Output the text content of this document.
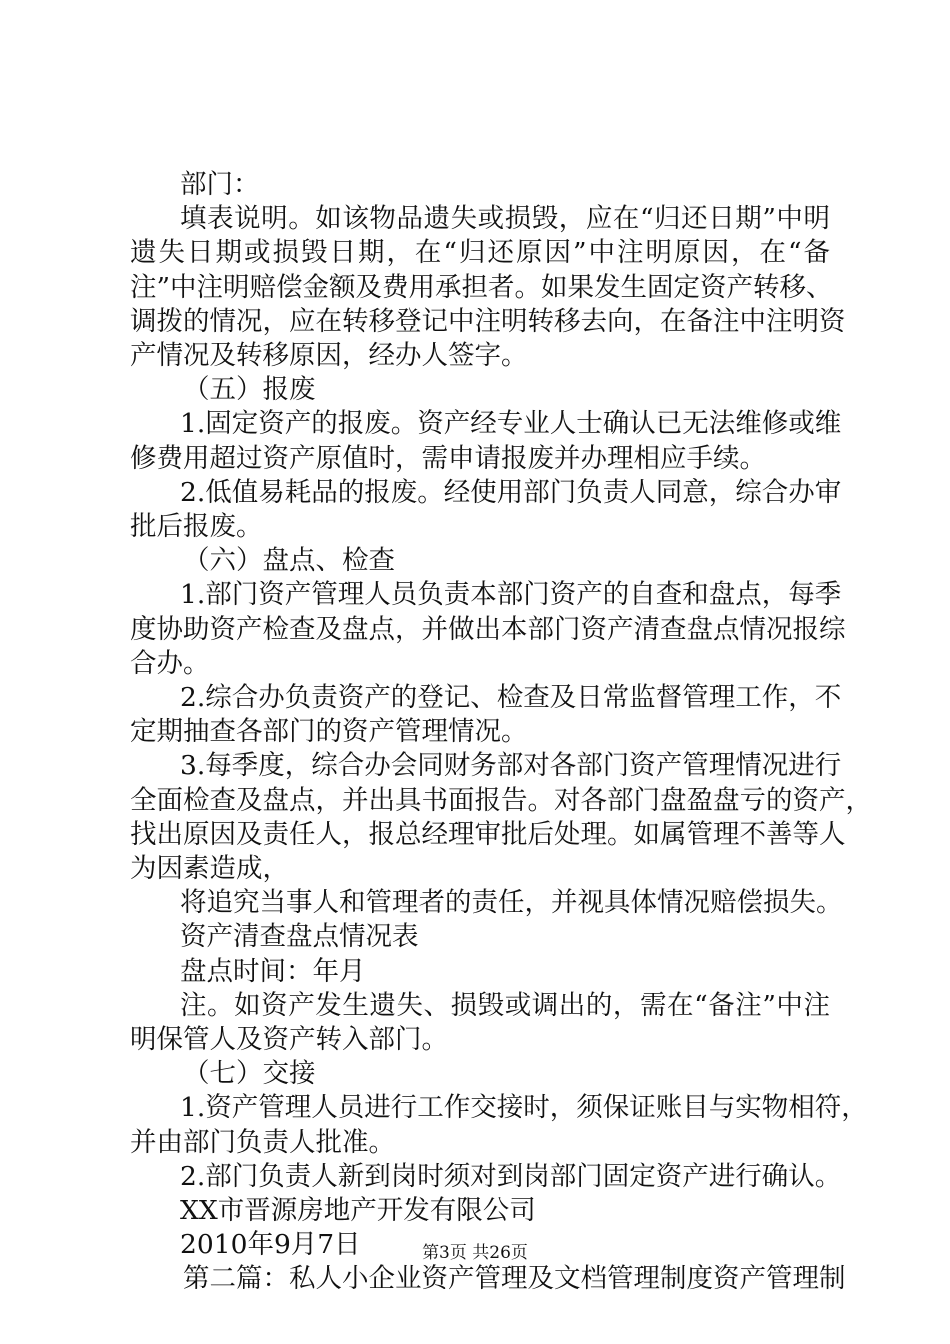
部门：
填表说明。如该物品遗失或损毁，应在“归还日期”中明
遗失日期或损毁日期，在“归还原因”中注明原因，在“备
注”中注明赔偿金额及费用承担者。如果发生固定资产转移、
调拨的情况，应在转移登记中注明转移去向，在备注中注明资
产情况及转移原因，经办人签字。
（五）报废
1.固定资产的报废。资产经专业人士确认已无法维修或维
修费用超过资产原值时，需申请报废并办理相应手续。
2.低值易耗品的报废。经使用部门负责人同意，综合办审
批后报废。
（六）盘点、检查
1.部门资产管理人员负责本部门资产的自查和盘点，每季
度协助资产检查及盘点，并做出本部门资产清查盘点情况报综
合办。
2.综合办负责资产的登记、检查及日常监督管理工作，不
定期抽查各部门的资产管理情况。
3.每季度，综合办会同财务部对各部门资产管理情况进行
全面检查及盘点，并出具书面报告。对各部门盘盈盘亏的资产，
找出原因及责任人，报总经理审批后处理。如属管理不善等人
为因素造成，
将追究当事人和管理者的责任，并视具体情况赔偿损失。
资产清查盘点情况表
盘点时间：年月
注。如资产发生遗失、损毁或调出的，需在“备注”中注
明保管人及资产转入部门。
（七）交接
1.资产管理人员进行工作交接时，须保证账目与实物相符，
并由部门负责人批准。
2.部门负责人新到岗时须对到岗部门固定资产进行确认。
XX市晋源房地产开发有限公司
2010年9月7日
第二篇：私人小企业资产管理及文档管理制度资产管理制
第3页 共26页
